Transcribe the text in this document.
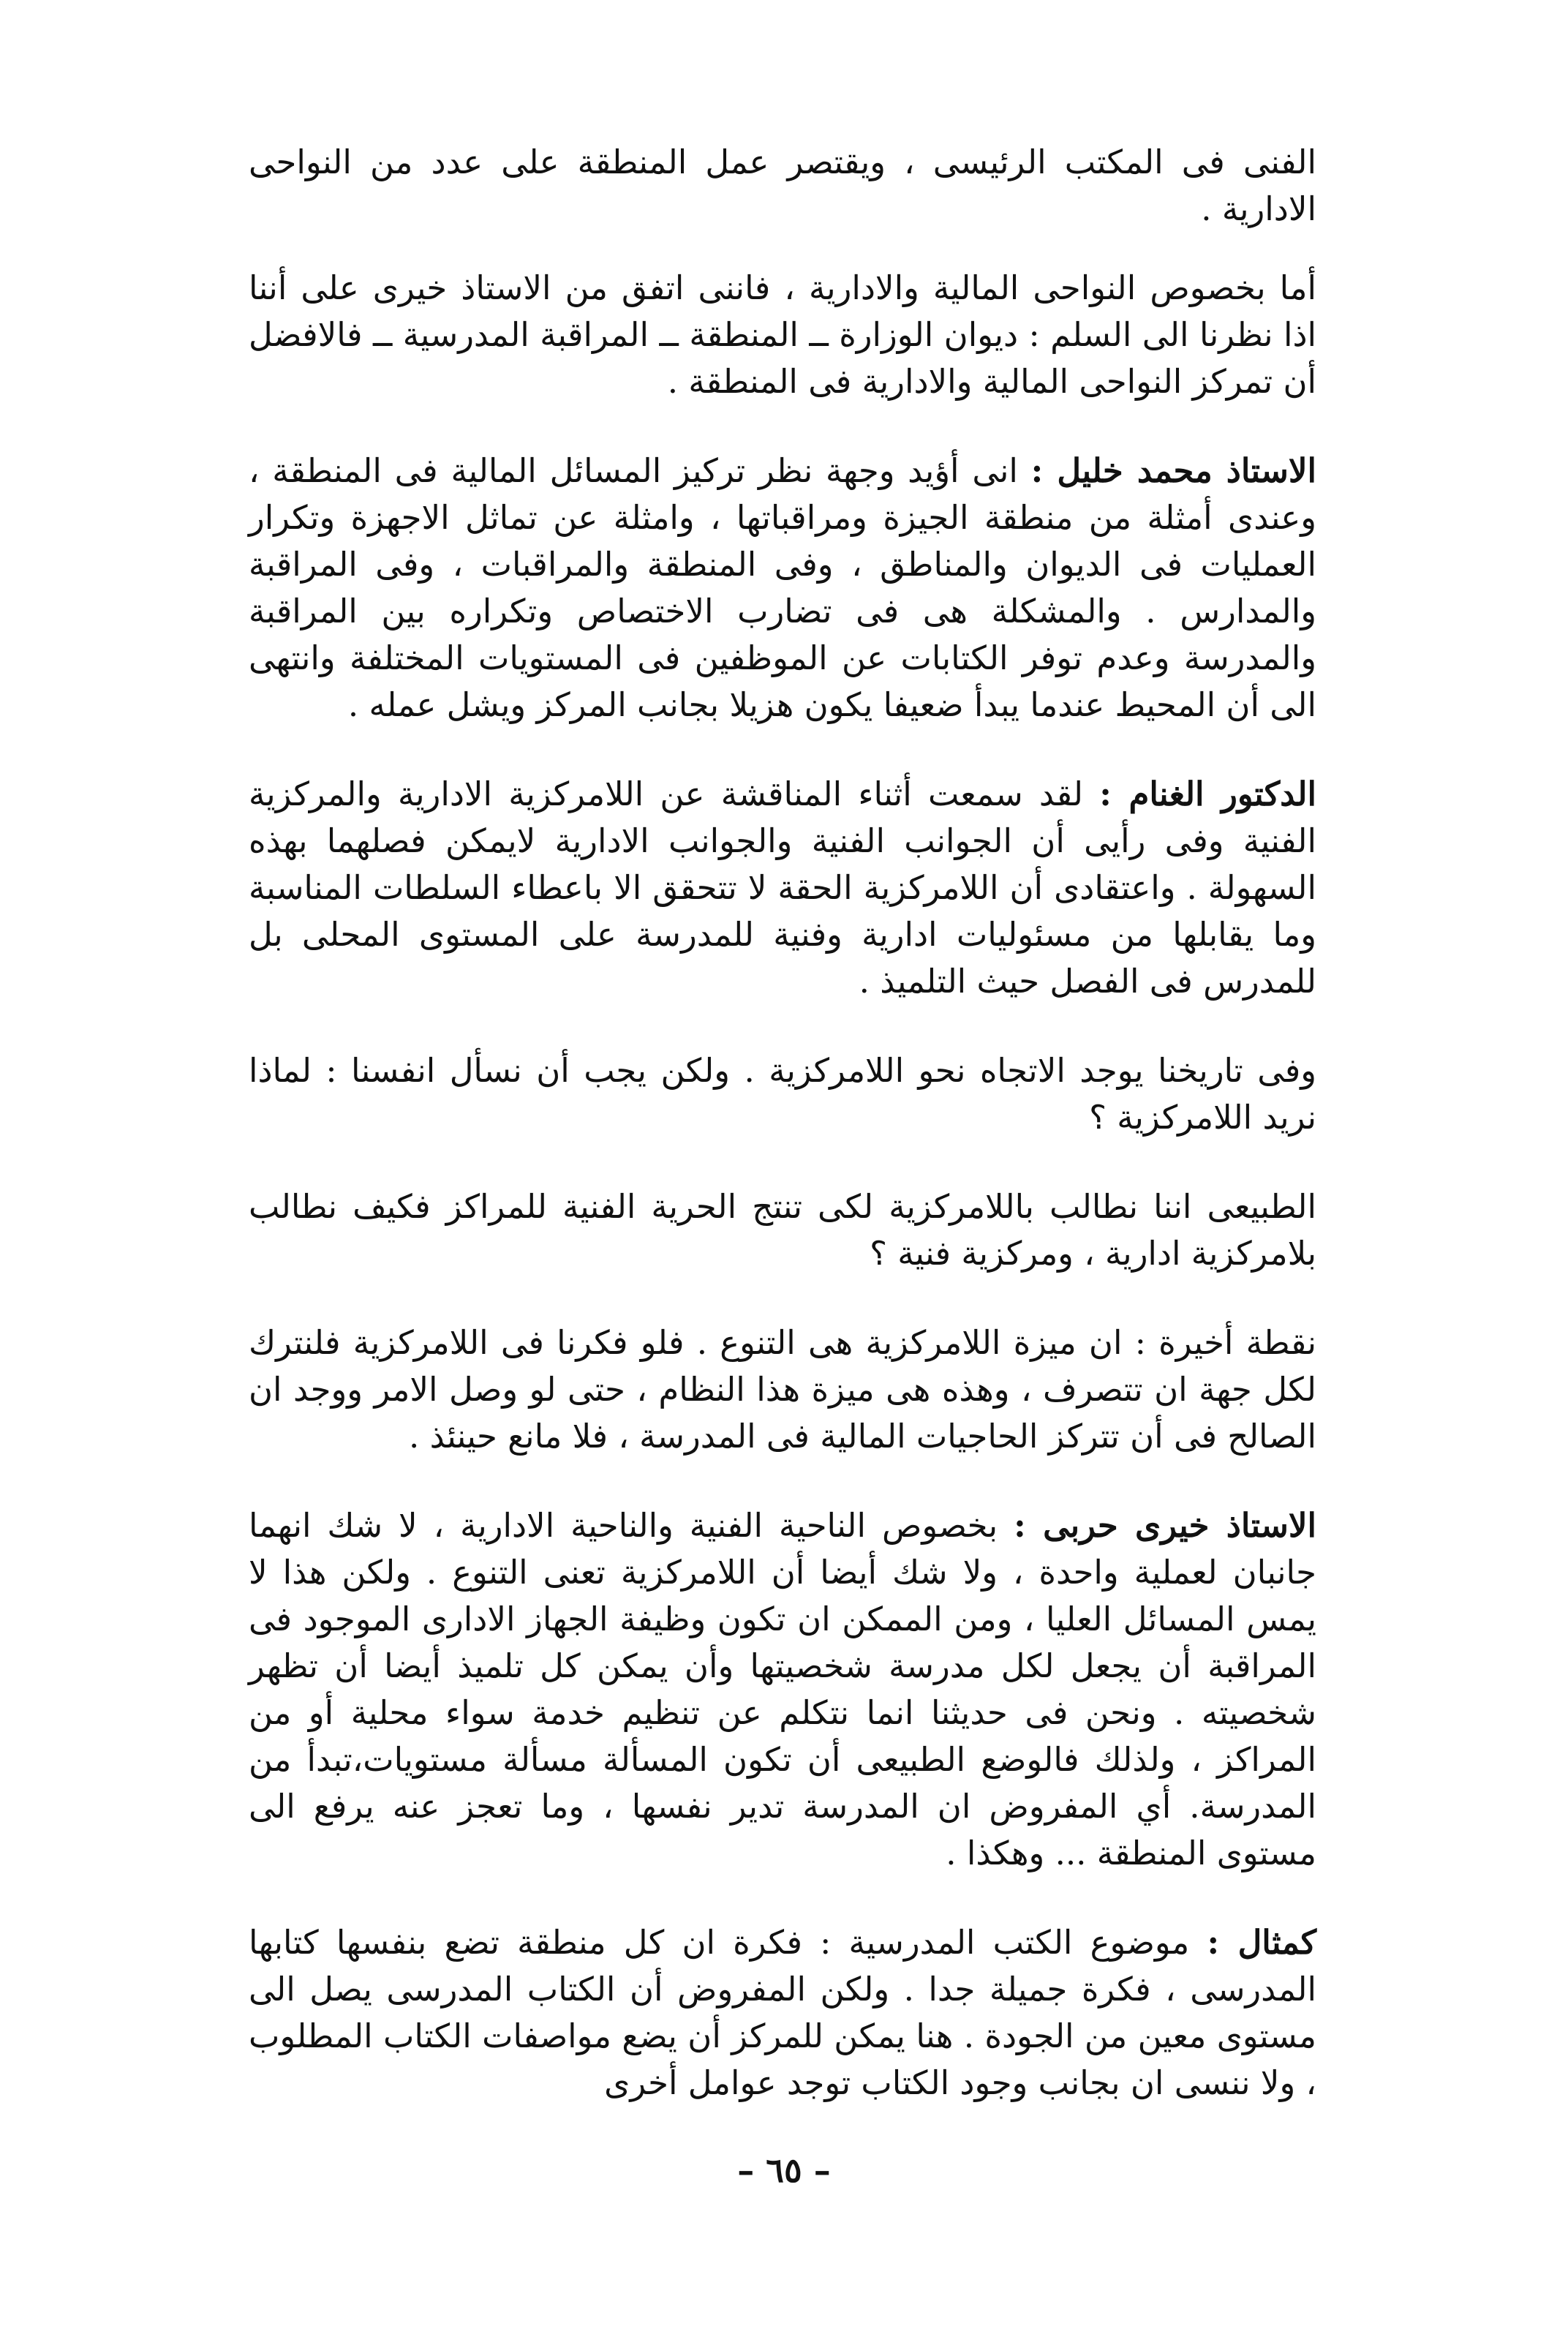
الفنى فى المكتب الرئيسى ، ويقتصر عمل المنطقة على عدد من النواحى الادارية .

أما بخصوص النواحى المالية والادارية ، فاننى اتفق من الاستاذ خيرى على أننا اذا نظرنا الى السلم : ديوان الوزارة ــ المنطقة ــ المراقبة المدرسية ــ فالافضل أن تمركز النواحى المالية والادارية فى المنطقة .

الاستاذ محمد خليل : انى أؤيد وجهة نظر تركيز المسائل المالية فى المنطقة ، وعندى أمثلة من منطقة الجيزة ومراقباتها ، وامثلة عن تماثل الاجهزة وتكرار العمليات فى الديوان والمناطق ، وفى المنطقة والمراقبات ، وفى المراقبة والمدارس . والمشكلة هى فى تضارب الاختصاص وتكراره بين المراقبة والمدرسة وعدم توفر الكتابات عن الموظفين فى المستويات المختلفة وانتهى الى أن المحيط عندما يبدأ ضعيفا يكون هزيلا بجانب المركز ويشل عمله .

الدكتور الغنام : لقد سمعت أثناء المناقشة عن اللامركزية الادارية والمركزية الفنية وفى رأيى أن الجوانب الفنية والجوانب الادارية لايمكن فصلهما بهذه السهولة . واعتقادى أن اللامركزية الحقة لا تتحقق الا باعطاء السلطات المناسبة وما يقابلها من مسئوليات ادارية وفنية للمدرسة على المستوى المحلى بل للمدرس فى الفصل حيث التلميذ .

وفى تاريخنا يوجد الاتجاه نحو اللامركزية . ولكن يجب أن نسأل انفسنا : لماذا نريد اللامركزية ؟

الطبيعى اننا نطالب باللامركزية لكى تنتج الحرية الفنية للمراكز فكيف نطالب بلامركزية ادارية ، ومركزية فنية ؟

نقطة أخيرة : ان ميزة اللامركزية هى التنوع . فلو فكرنا فى اللامركزية فلنترك لكل جهة ان تتصرف ، وهذه هى ميزة هذا النظام ، حتى لو وصل الامر ووجد ان الصالح فى أن تتركز الحاجيات المالية فى المدرسة ، فلا مانع حينئذ .

الاستاذ خيرى حربى : بخصوص الناحية الفنية والناحية الادارية ، لا شك انهما جانبان لعملية واحدة ، ولا شك أيضا أن اللامركزية تعنى التنوع . ولكن هذا لا يمس المسائل العليا ، ومن الممكن ان تكون وظيفة الجهاز الادارى الموجود فى المراقبة أن يجعل لكل مدرسة شخصيتها وأن يمكن كل تلميذ أيضا أن تظهر شخصيته . ونحن فى حديثنا انما نتكلم عن تنظيم خدمة سواء محلية أو من المراكز ، ولذلك فالوضع الطبيعى أن تكون المسألة مسألة مستويات،تبدأ من المدرسة. أي المفروض ان المدرسة تدير نفسها ، وما تعجز عنه يرفع الى مستوى المنطقة ... وهكذا .

كمثال : موضوع الكتب المدرسية : فكرة ان كل منطقة تضع بنفسها كتابها المدرسى ، فكرة جميلة جدا . ولكن المفروض أن الكتاب المدرسى يصل الى مستوى معين من الجودة . هنا يمكن للمركز أن يضع مواصفات الكتاب المطلوب ، ولا ننسى ان بجانب وجود الكتاب توجد عوامل أخرى

– ٦٥ –
